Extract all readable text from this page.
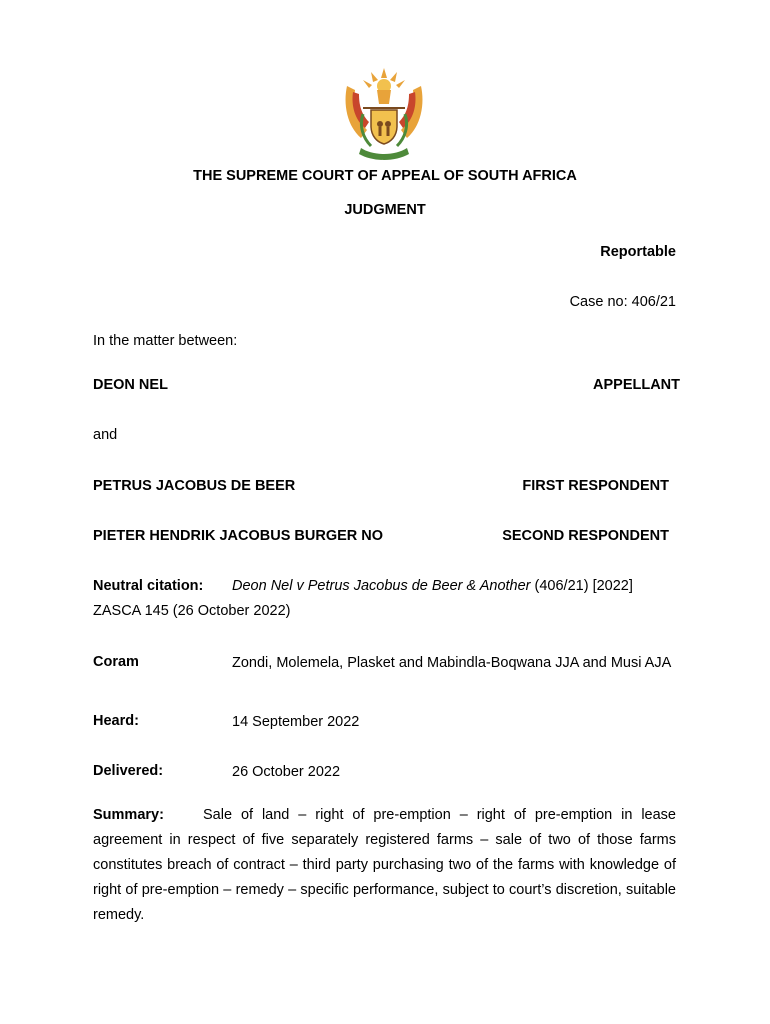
THE SUPREME COURT OF APPEAL OF SOUTH AFRICA
JUDGMENT
Reportable
Case no: 406/21
In the matter between:
DEON NEL	APPELLANT
and
PETRUS JACOBUS DE BEER	FIRST RESPONDENT
PIETER HENDRIK JACOBUS BURGER NO	SECOND RESPONDENT
Neutral citation: Deon Nel v Petrus Jacobus de Beer & Another (406/21) [2022]
ZASCA 145 (26 October 2022)
Coram	Zondi, Molemela, Plasket and Mabindla-Boqwana JJA and Musi AJA
Heard:	14 September 2022
Delivered:	26 October 2022
Summary:	Sale of land – right of pre-emption – right of pre-emption in lease agreement in respect of five separately registered farms – sale of two of those farms constitutes breach of contract – third party purchasing two of the farms with knowledge of right of pre-emption – remedy – specific performance, subject to court’s discretion, suitable remedy.
